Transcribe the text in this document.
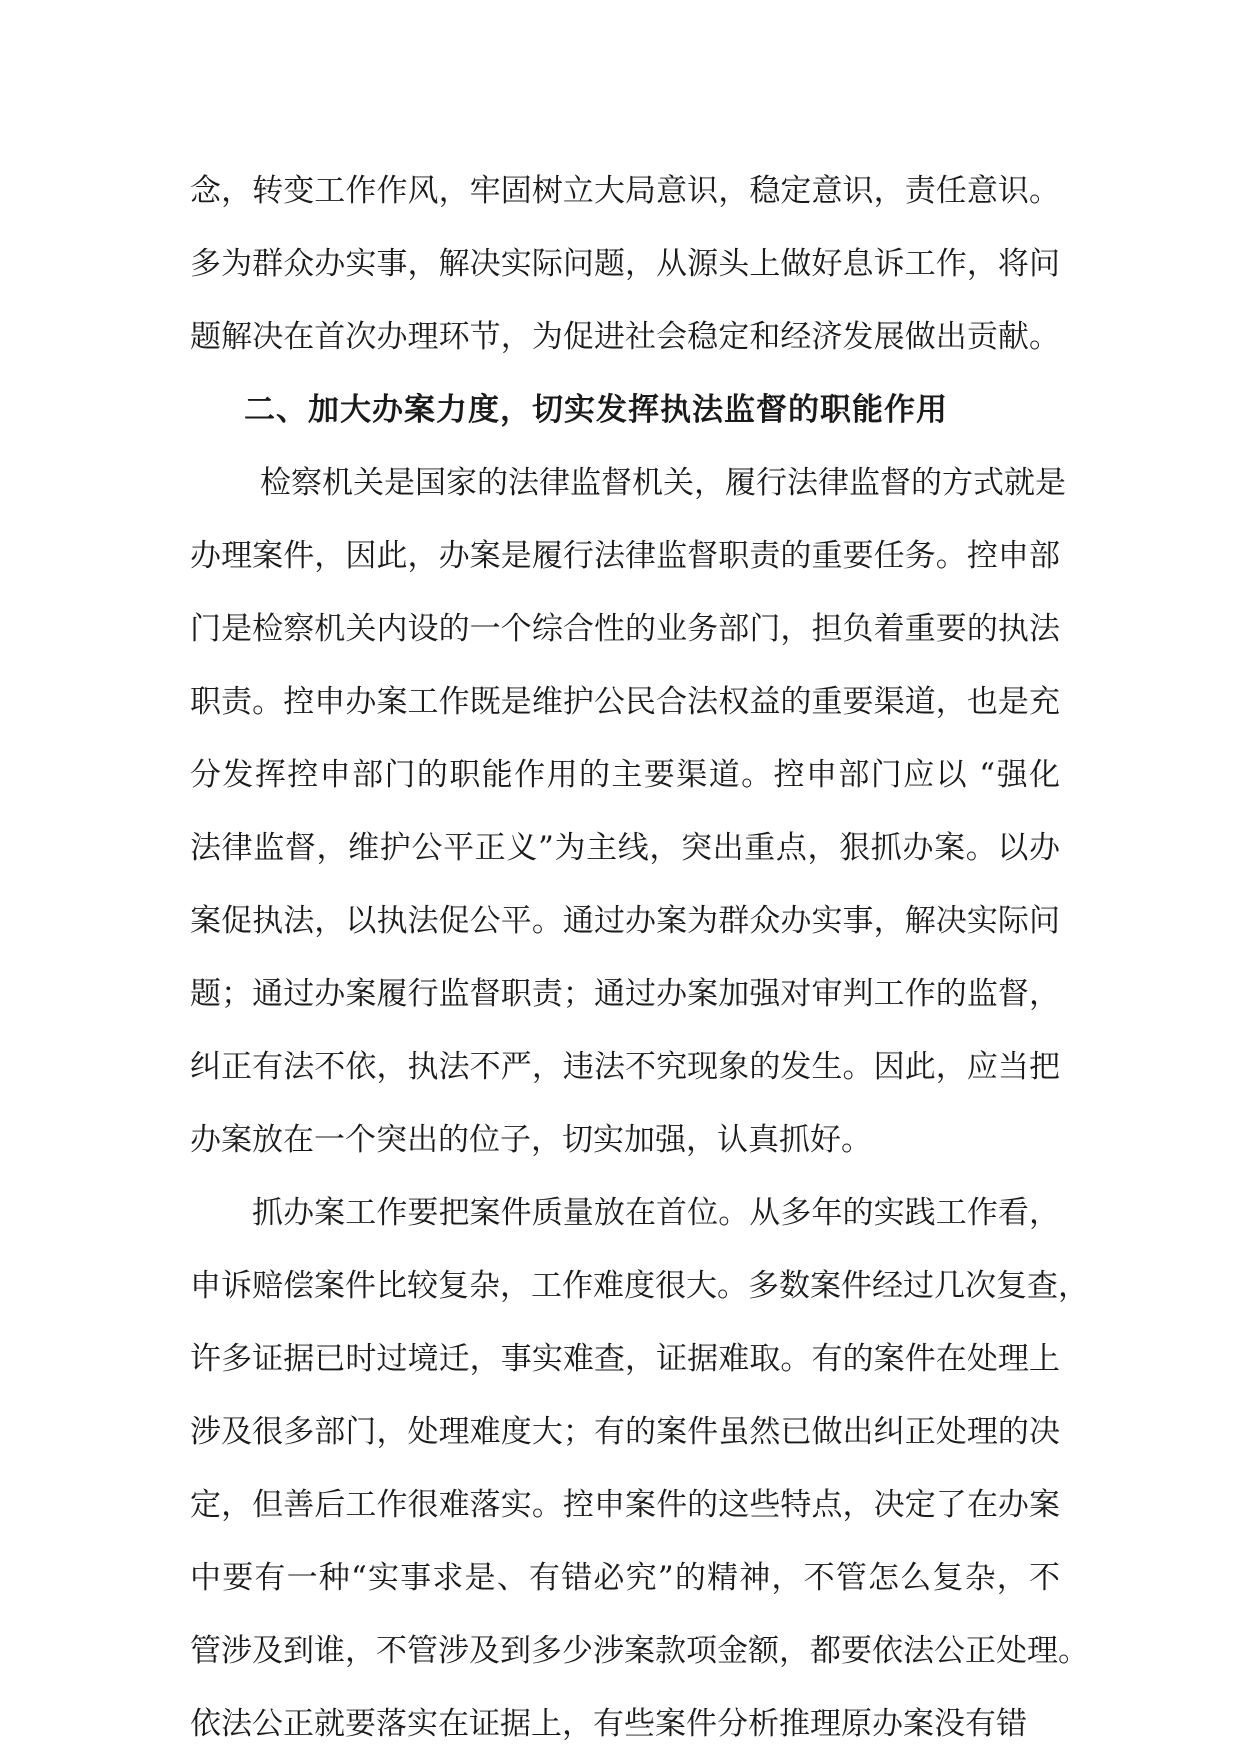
念，转变工作作风，牢固树立大局意识，稳定意识，责任意识。
多为群众办实事，解决实际问题，从源头上做好息诉工作，将问
题解决在首次办理环节，为促进社会稳定和经济发展做出贡献。
二、加大办案力度，切实发挥执法监督的职能作用
检察机关是国家的法律监督机关，履行法律监督的方式就是
办理案件，因此，办案是履行法律监督职责的重要任务。控申部
门是检察机关内设的一个综合性的业务部门，担负着重要的执法
职责。控申办案工作既是维护公民合法权益的重要渠道，也是充
分发挥控申部门的职能作用的主要渠道。控申部门应以 “强化
法律监督，维护公平正义”为主线，突出重点，狠抓办案。以办
案促执法，以执法促公平。通过办案为群众办实事，解决实际问
题；通过办案履行监督职责；通过办案加强对审判工作的监督，
纠正有法不依，执法不严，违法不究现象的发生。因此，应当把
办案放在一个突出的位子，切实加强，认真抓好。
抓办案工作要把案件质量放在首位。从多年的实践工作看，
申诉赔偿案件比较复杂，工作难度很大。多数案件经过几次复查，
许多证据已时过境迁，事实难查，证据难取。有的案件在处理上
涉及很多部门，处理难度大；有的案件虽然已做出纠正处理的决
定，但善后工作很难落实。控申案件的这些特点，决定了在办案
中要有一种“实事求是、有错必究”的精神，不管怎么复杂，不
管涉及到谁，不管涉及到多少涉案款项金额，都要依法公正处理。
依法公正就要落实在证据上，有些案件分析推理原办案没有错
